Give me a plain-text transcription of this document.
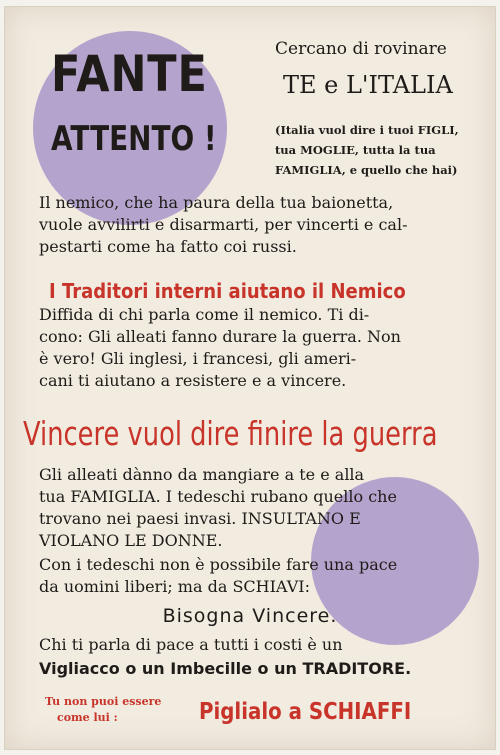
FANTE
ATTENTO !
Cercano di rovinare
TE e L'ITALIA
(Italia vuol dire i tuoi FIGLI,
tua MOGLIE, tutta la tua
FAMIGLIA, e quello che hai)
Il nemico, che ha paura della tua baionetta,
vuole avvilirti e disarmarti, per vincerti e cal-
pestarti come ha fatto coi russi.
I Traditori interni aiutano il Nemico
Diffida di chi parla come il nemico. Ti di-
cono: Gli alleati fanno durare la guerra. Non
è vero! Gli inglesi, i francesi, gli ameri-
cani ti aiutano a resistere e a vincere.
Vincere vuol dire finire la guerra
Gli alleati dànno da mangiare a te e alla
tua FAMIGLIA. I tedeschi rubano quello che
trovano nei paesi invasi. INSULTANO E
VIOLANO LE DONNE.
Con i tedeschi non è possibile fare una pace
da uomini liberi; ma da SCHIAVI:
Bisogna Vincere.
Chi ti parla di pace a tutti i costi è un
Vigliacco o un Imbecille o un TRADITORE.
Tu non puoi essere
come lui :	Piglialo a SCHIAFFI
